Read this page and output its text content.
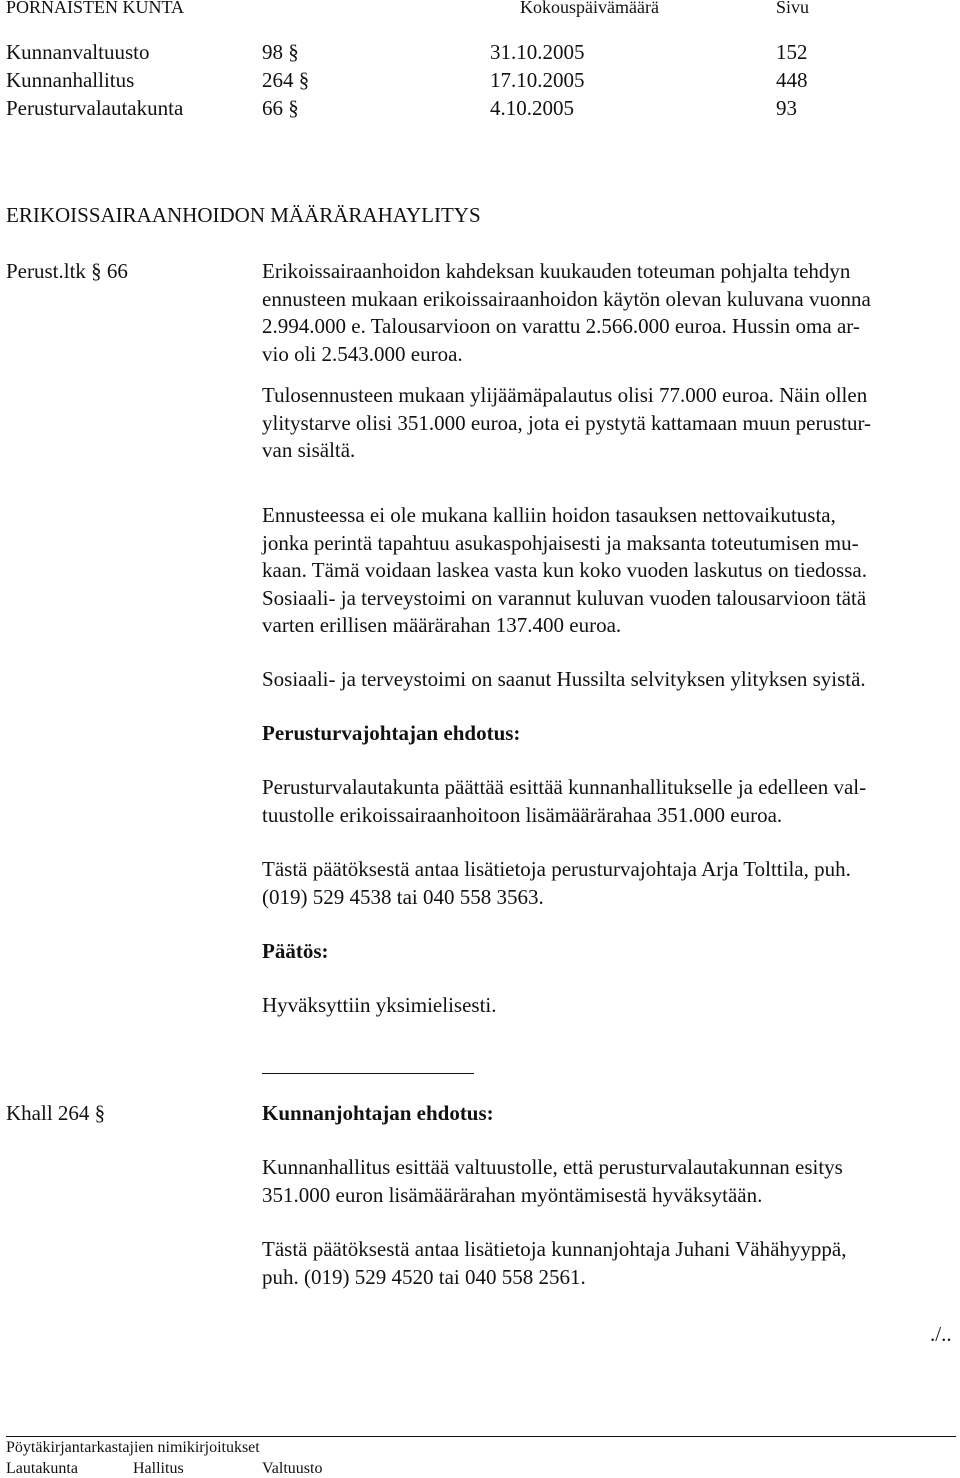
PORNAISTEN KUNTA	Kokouspäivämäärä	Sivu
Kunnanvaltuusto	98 §	31.10.2005	152
Kunnanhallitus	264 §	17.10.2005	448
Perusturvalautakunta	66 §	4.10.2005	93
ERIKOISSAIRAANHOIDON MÄÄRÄRAHAYLITYS
Perust.ltk § 66	Erikoissairaanhoidon kahdeksan kuukauden toteuman pohjalta tehdyn
ennusteen mukaan erikoissairaanhoidon käytön olevan kuluvana vuonna
2.994.000 e. Talousarvioon on varattu 2.566.000 euroa. Hussin oma ar-
vio oli 2.543.000 euroa.
Tulosennusteen mukaan ylijäämäpalautus olisi 77.000 euroa. Näin ollen
ylitystarve olisi 351.000 euroa, jota ei pystytä kattamaan muun perustur-
van sisältä.
Ennusteessa ei ole mukana kalliin hoidon tasauksen nettovaikutusta,
jonka perintä tapahtuu asukaspohjaisesti ja maksanta toteutumisen mu-
kaan. Tämä voidaan laskea vasta kun koko vuoden laskutus on tiedossa.
Sosiaali- ja terveystoimi on varannut kuluvan vuoden talousarvioon tätä
varten erillisen määrärahan 137.400 euroa.
Sosiaali- ja terveystoimi on saanut Hussilta selvityksen ylityksen syistä.
Perusturvajohtajan ehdotus:
Perusturvalautakunta päättää esittää kunnanhallitukselle ja edelleen val-
tuustolle erikoissairaanhoitoon lisämäärärahaa 351.000 euroa.
Tästä päätöksestä antaa lisätietoja perusturvajohtaja Arja Tolttila, puh.
(019) 529 4538 tai 040 558 3563.
Päätös:
Hyväksyttiin yksimielisesti.
Khall 264 §	Kunnanjohtajan ehdotus:
Kunnanhallitus esittää valtuustolle, että perusturvalautakunnan esitys
351.000 euron lisämäärärahan myöntämisestä hyväksytään.
Tästä päätöksestä antaa lisätietoja kunnanjohtaja Juhani Vähähyyppä,
puh. (019) 529 4520 tai 040 558 2561.
./..
Pöytäkirjantarkastajien nimikirjoitukset
Lautakunta	Hallitus	Valtuusto
